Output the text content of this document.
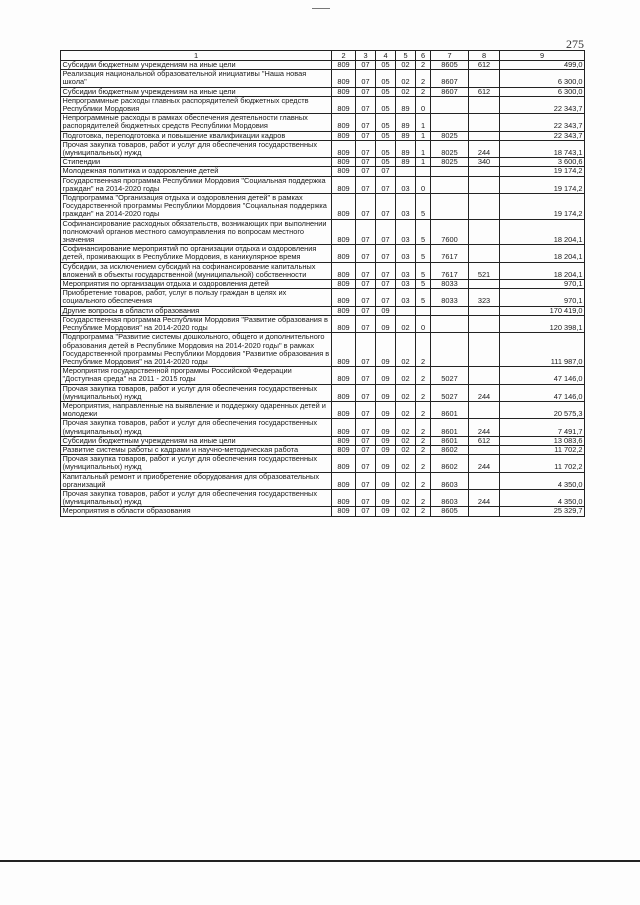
275
1	2	3	4	5	6	7	8	9
Субсидии бюджетным учреждениям на иные цели	809	07	05	02	2	8605	612	499,0
Реализация национальной образовательной инициативы "Наша новая школа"	809	07	05	02	2	8607		6 300,0
Субсидии бюджетным учреждениям на иные цели	809	07	05	02	2	8607	612	6 300,0
Непрограммные расходы главных распорядителей бюджетных средств Республики Мордовия	809	07	05	89	0			22 343,7
Непрограммные расходы в рамках обеспечения деятельности главных распорядителей бюджетных средств Республики Мордовия	809	07	05	89	1			22 343,7
Подготовка, переподготовка и повышение квалификации кадров	809	07	05	89	1	8025		22 343,7
Прочая закупка товаров, работ и услуг для обеспечения государственных (муниципальных) нужд	809	07	05	89	1	8025	244	18 743,1
Стипендии	809	07	05	89	1	8025	340	3 600,6
Молодежная политика и оздоровление детей	809	07	07					19 174,2
Государственная программа Республики Мордовия "Социальная поддержка граждан" на 2014-2020 годы	809	07	07	03	0			19 174,2
Подпрограмма "Организация отдыха и оздоровления детей" в рамках Государственной программы Республики Мордовия "Социальная поддержка граждан" на 2014-2020 годы	809	07	07	03	5			19 174,2
Софинансирование расходных обязательств, возникающих при выполнении полномочий органов местного самоуправления по вопросам местного значения	809	07	07	03	5	7600		18 204,1
Софинансирование мероприятий по организации отдыха и оздоровления детей, проживающих в Республике Мордовия, в каникулярное время	809	07	07	03	5	7617		18 204,1
Субсидии, за исключением субсидий на софинансирование капитальных вложений в объекты государственной (муниципальной) собственности	809	07	07	03	5	7617	521	18 204,1
Мероприятия по организации отдыха и оздоровления детей	809	07	07	03	5	8033		970,1
Приобретение товаров, работ, услуг в пользу граждан в целях их социального обеспечения	809	07	07	03	5	8033	323	970,1
Другие вопросы в области образования	809	07	09					170 419,0
Государственная программа Республики Мордовия "Развитие образования в Республике Мордовия" на 2014-2020 годы	809	07	09	02	0			120 398,1
Подпрограмма "Развитие системы дошкольного, общего и дополнительного образования детей в Республике Мордовия на 2014-2020 годы" в рамках Государственной программы Республики Мордовия "Развитие образования в Республике Мордовия" на 2014-2020 годы	809	07	09	02	2			111 987,0
Мероприятия государственной программы Российской Федерации "Доступная среда" на 2011 - 2015 годы	809	07	09	02	2	5027		47 146,0
Прочая закупка товаров, работ и услуг для обеспечения государственных (муниципальных) нужд	809	07	09	02	2	5027	244	47 146,0
Мероприятия, направленные на выявление и поддержку одаренных детей и молодежи	809	07	09	02	2	8601		20 575,3
Прочая закупка товаров, работ и услуг для обеспечения государственных (муниципальных) нужд	809	07	09	02	2	8601	244	7 491,7
Субсидии бюджетным учреждениям на иные цели	809	07	09	02	2	8601	612	13 083,6
Развитие системы работы с кадрами и научно-методическая работа	809	07	09	02	2	8602		11 702,2
Прочая закупка товаров, работ и услуг для обеспечения государственных (муниципальных) нужд	809	07	09	02	2	8602	244	11 702,2
Капитальный ремонт и приобретение оборудования для образовательных организаций	809	07	09	02	2	8603		4 350,0
Прочая закупка товаров, работ и услуг для обеспечения государственных (муниципальных) нужд	809	07	09	02	2	8603	244	4 350,0
Мероприятия в области образования	809	07	09	02	2	8605		25 329,7
